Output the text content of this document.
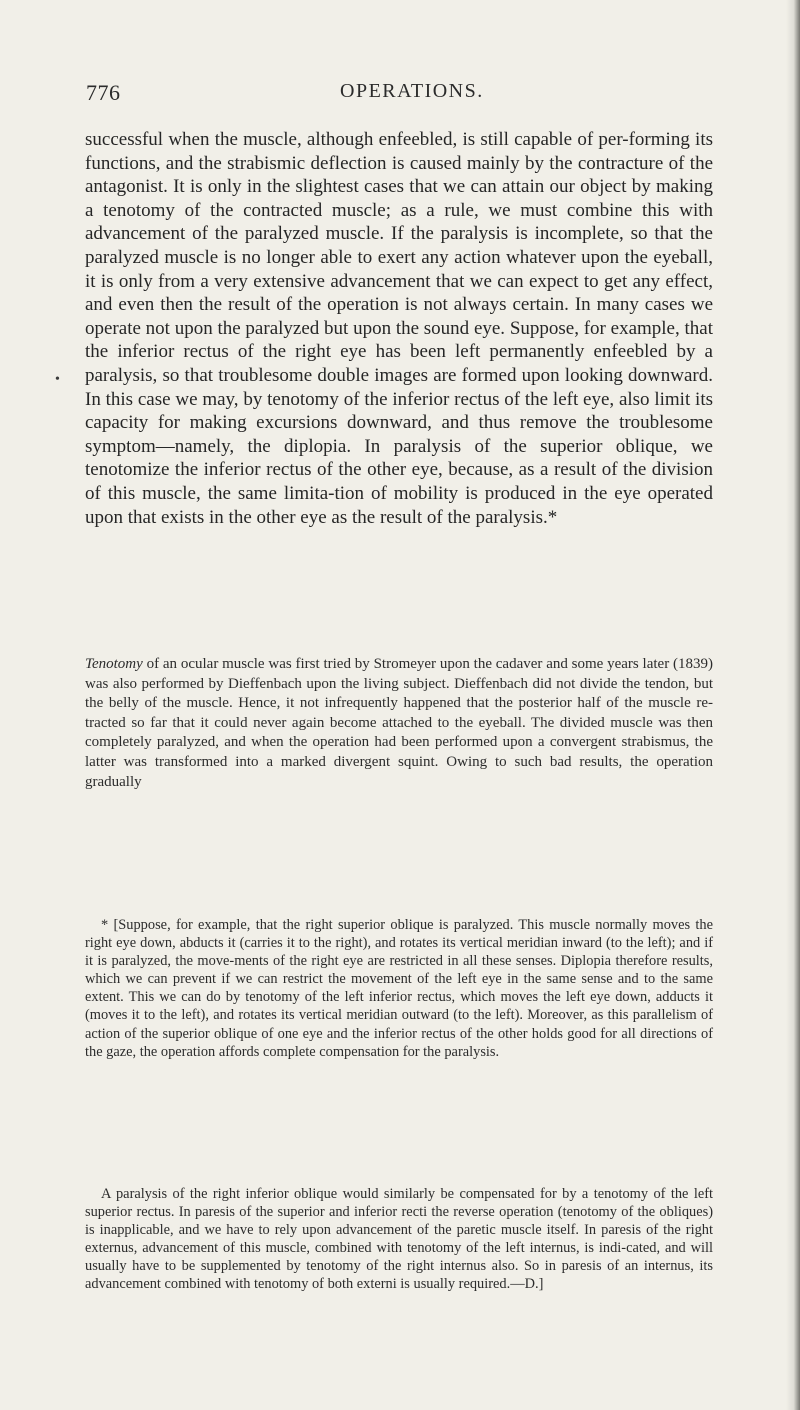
776	OPERATIONS.

successful when the muscle, although enfeebled, is still capable of per-forming its functions, and the strabismic deflection is caused mainly by the contracture of the antagonist. It is only in the slightest cases that we can attain our object by making a tenotomy of the contracted muscle; as a rule, we must combine this with advancement of the paralyzed muscle. If the paralysis is incomplete, so that the paralyzed muscle is no longer able to exert any action whatever upon the eyeball, it is only from a very extensive advancement that we can expect to get any effect, and even then the result of the operation is not always certain. In many cases we operate not upon the paralyzed but upon the sound eye. Suppose, for example, that the inferior rectus of the right eye has been left permanently enfeebled by a paralysis, so that troublesome double images are formed upon looking downward. In this case we may, by tenotomy of the inferior rectus of the left eye, also limit its capacity for making excursions downward, and thus remove the troublesome symptom—namely, the diplopia. In paralysis of the superior oblique, we tenotomize the inferior rectus of the other eye, because, as a result of the division of this muscle, the same limita-tion of mobility is produced in the eye operated upon that exists in the other eye as the result of the paralysis.*

•

Tenotomy of an ocular muscle was first tried by Stromeyer upon the cadaver and some years later (1839) was also performed by Dieffenbach upon the living subject. Dieffenbach did not divide the tendon, but the belly of the muscle. Hence, it not infrequently happened that the posterior half of the muscle re-tracted so far that it could never again become attached to the eyeball. The divided muscle was then completely paralyzed, and when the operation had been performed upon a convergent strabismus, the latter was transformed into a marked divergent squint. Owing to such bad results, the operation gradually

* [Suppose, for example, that the right superior oblique is paralyzed. This muscle normally moves the right eye down, abducts it (carries it to the right), and rotates its vertical meridian inward (to the left); and if it is paralyzed, the move-ments of the right eye are restricted in all these senses. Diplopia therefore results, which we can prevent if we can restrict the movement of the left eye in the same sense and to the same extent. This we can do by tenotomy of the left inferior rectus, which moves the left eye down, adducts it (moves it to the left), and rotates its vertical meridian outward (to the left). Moreover, as this parallelism of action of the superior oblique of one eye and the inferior rectus of the other holds good for all directions of the gaze, the operation affords complete compensation for the paralysis.

A paralysis of the right inferior oblique would similarly be compensated for by a tenotomy of the left superior rectus. In paresis of the superior and inferior recti the reverse operation (tenotomy of the obliques) is inapplicable, and we have to rely upon advancement of the paretic muscle itself. In paresis of the right externus, advancement of this muscle, combined with tenotomy of the left internus, is indi-cated, and will usually have to be supplemented by tenotomy of the right internus also. So in paresis of an internus, its advancement combined with tenotomy of both externi is usually required.—D.]
